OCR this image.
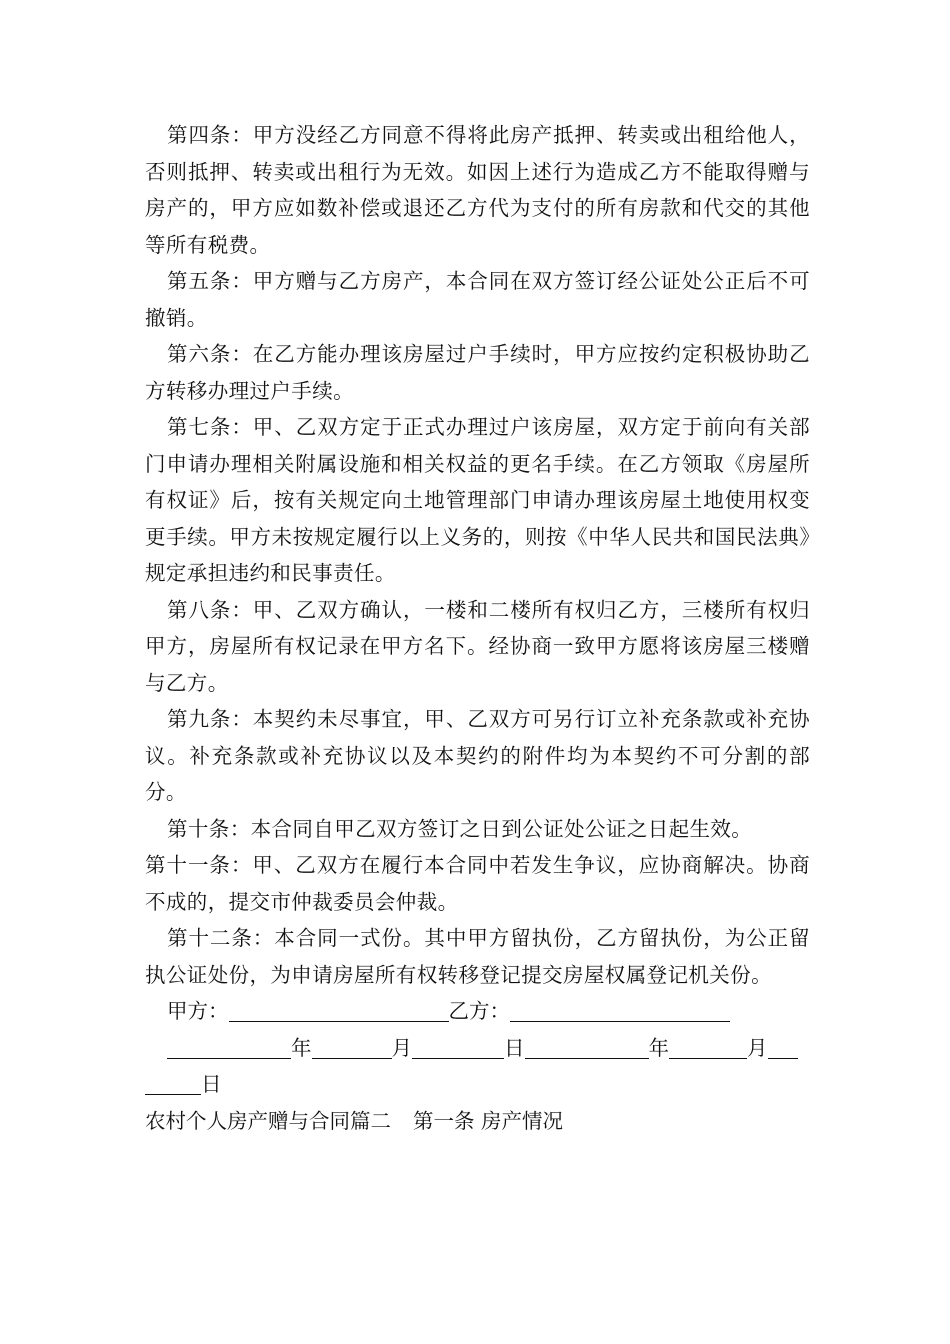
第四条：甲方没经乙方同意不得将此房产抵押、转卖或出租给他人，否则抵押、转卖或出租行为无效。如因上述行为造成乙方不能取得赠与房产的，甲方应如数补偿或退还乙方代为支付的所有房款和代交的其他等所有税费。

第五条：甲方赠与乙方房产，本合同在双方签订经公证处公正后不可撤销。

第六条：在乙方能办理该房屋过户手续时，甲方应按约定积极协助乙方转移办理过户手续。

第七条：甲、乙双方定于正式办理过户该房屋，双方定于前向有关部门申请办理相关附属设施和相关权益的更名手续。在乙方领取《房屋所有权证》后，按有关规定向土地管理部门申请办理该房屋土地使用权变更手续。甲方未按规定履行以上义务的，则按《中华人民共和国民法典》规定承担违约和民事责任。

第八条：甲、乙双方确认，一楼和二楼所有权归乙方，三楼所有权归甲方，房屋所有权记录在甲方名下。经协商一致甲方愿将该房屋三楼赠与乙方。

第九条：本契约未尽事宜，甲、乙双方可另行订立补充条款或补充协议。补充条款或补充协议以及本契约的附件均为本契约不可分割的部分。

第十条：本合同自甲乙双方签订之日到公证处公证之日起生效。

第十一条：甲、乙双方在履行本合同中若发生争议，应协商解决。协商不成的，提交市仲裁委员会仲裁。

第十二条：本合同一式份。其中甲方留执份，乙方留执份，为公正留执公证处份，为申请房屋所有权转移登记提交房屋权属登记机关份。

甲方：	乙方：

年	月	日	年	月

日

农村个人房产赠与合同篇二 第一条 房产情况
